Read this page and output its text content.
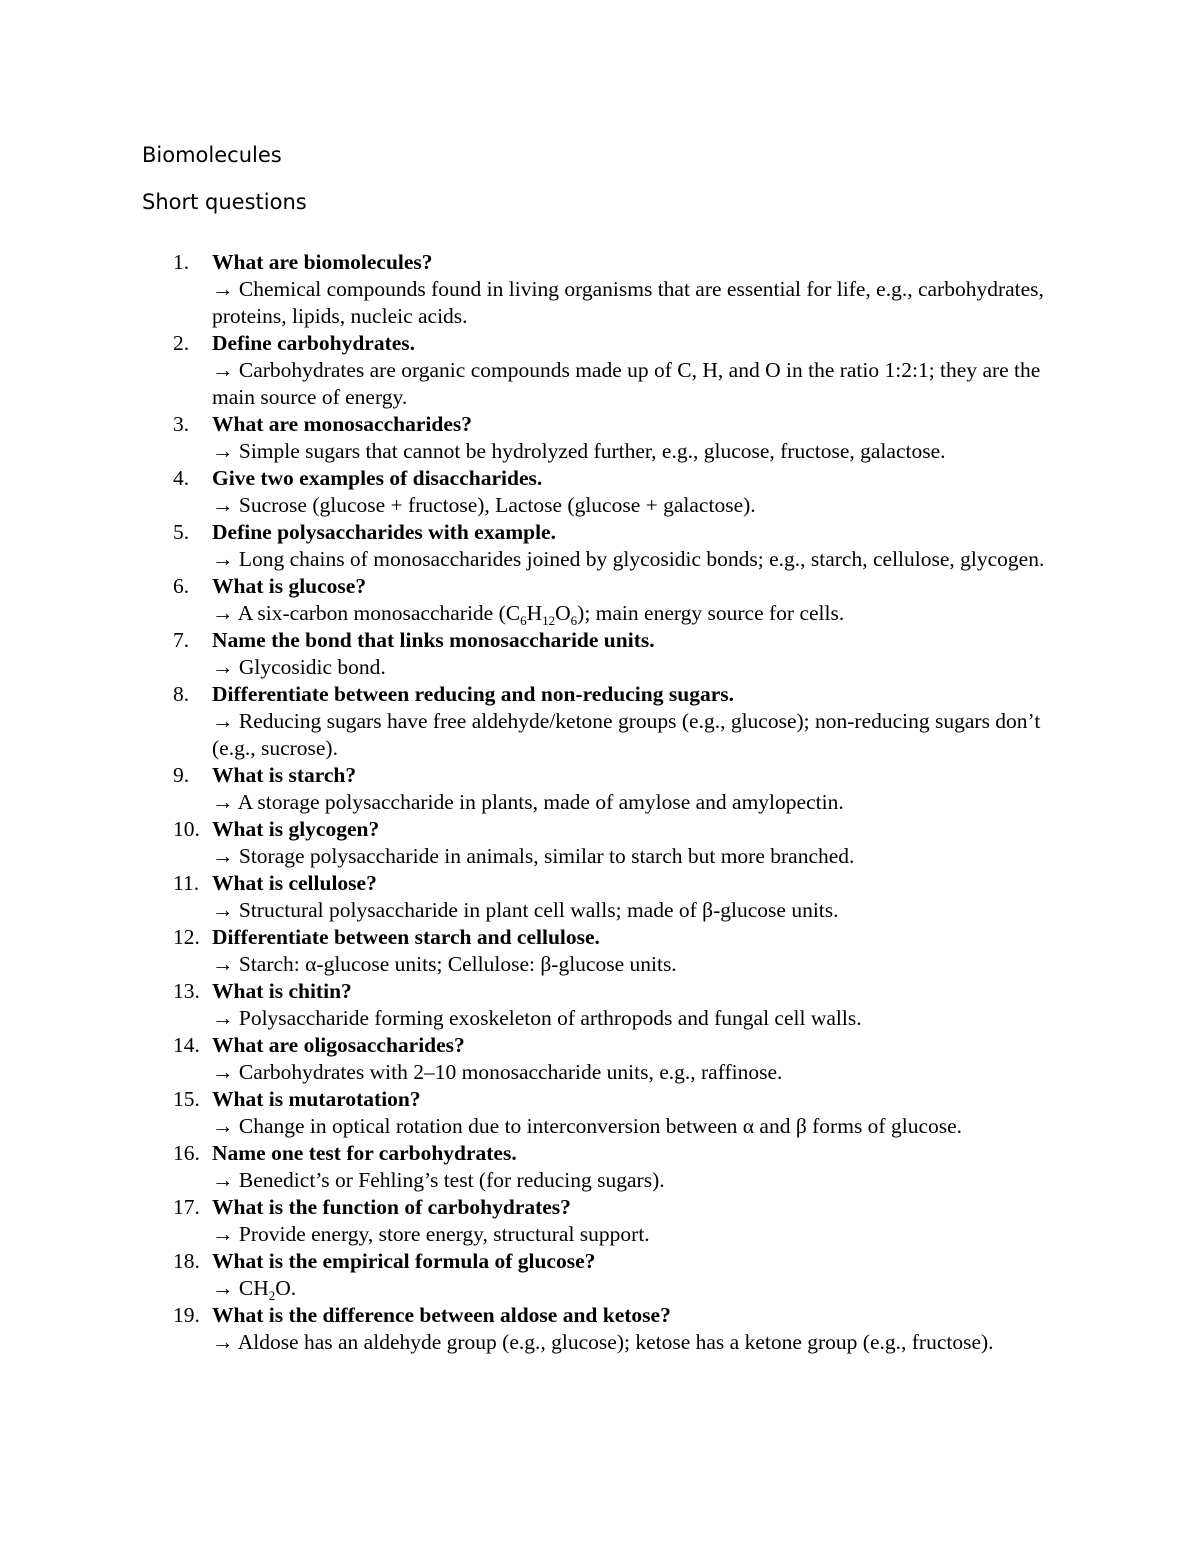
Biomolecules
Short questions
1.	What are biomolecules?
→ Chemical compounds found in living organisms that are essential for life, e.g., carbohydrates, proteins, lipids, nucleic acids.
2.	Define carbohydrates.
→ Carbohydrates are organic compounds made up of C, H, and O in the ratio 1:2:1; they are the main source of energy.
3.	What are monosaccharides?
→ Simple sugars that cannot be hydrolyzed further, e.g., glucose, fructose, galactose.
4.	Give two examples of disaccharides.
→ Sucrose (glucose + fructose), Lactose (glucose + galactose).
5.	Define polysaccharides with example.
→ Long chains of monosaccharides joined by glycosidic bonds; e.g., starch, cellulose, glycogen.
6.	What is glucose?
→ A six-carbon monosaccharide $(C_6H_{12}O_6)$; main energy source for cells.
7.	Name the bond that links monosaccharide units.
→ Glycosidic bond.
8.	Differentiate between reducing and non-reducing sugars.
→ Reducing sugars have free aldehyde/ketone groups (e.g., glucose); non-reducing sugars don’t (e.g., sucrose).
9.	What is starch?
→ A storage polysaccharide in plants, made of amylose and amylopectin.
10. What is glycogen?
→ Storage polysaccharide in animals, similar to starch but more branched.
11. What is cellulose?
→ Structural polysaccharide in plant cell walls; made of β-glucose units.
12. Differentiate between starch and cellulose.
→ Starch: α-glucose units; Cellulose: β-glucose units.
13. What is chitin?
→ Polysaccharide forming exoskeleton of arthropods and fungal cell walls.
14. What are oligosaccharides?
→ Carbohydrates with 2–10 monosaccharide units, e.g., raffinose.
15. What is mutarotation?
→ Change in optical rotation due to interconversion between α and β forms of glucose.
16. Name one test for carbohydrates.
→ Benedict’s or Fehling’s test (for reducing sugars).
17. What is the function of carbohydrates?
→ Provide energy, store energy, structural support.
18. What is the empirical formula of glucose?
→ $CH_2O$.
19. What is the difference between aldose and ketose?
→ Aldose has an aldehyde group (e.g., glucose); ketose has a ketone group (e.g., fructose).
